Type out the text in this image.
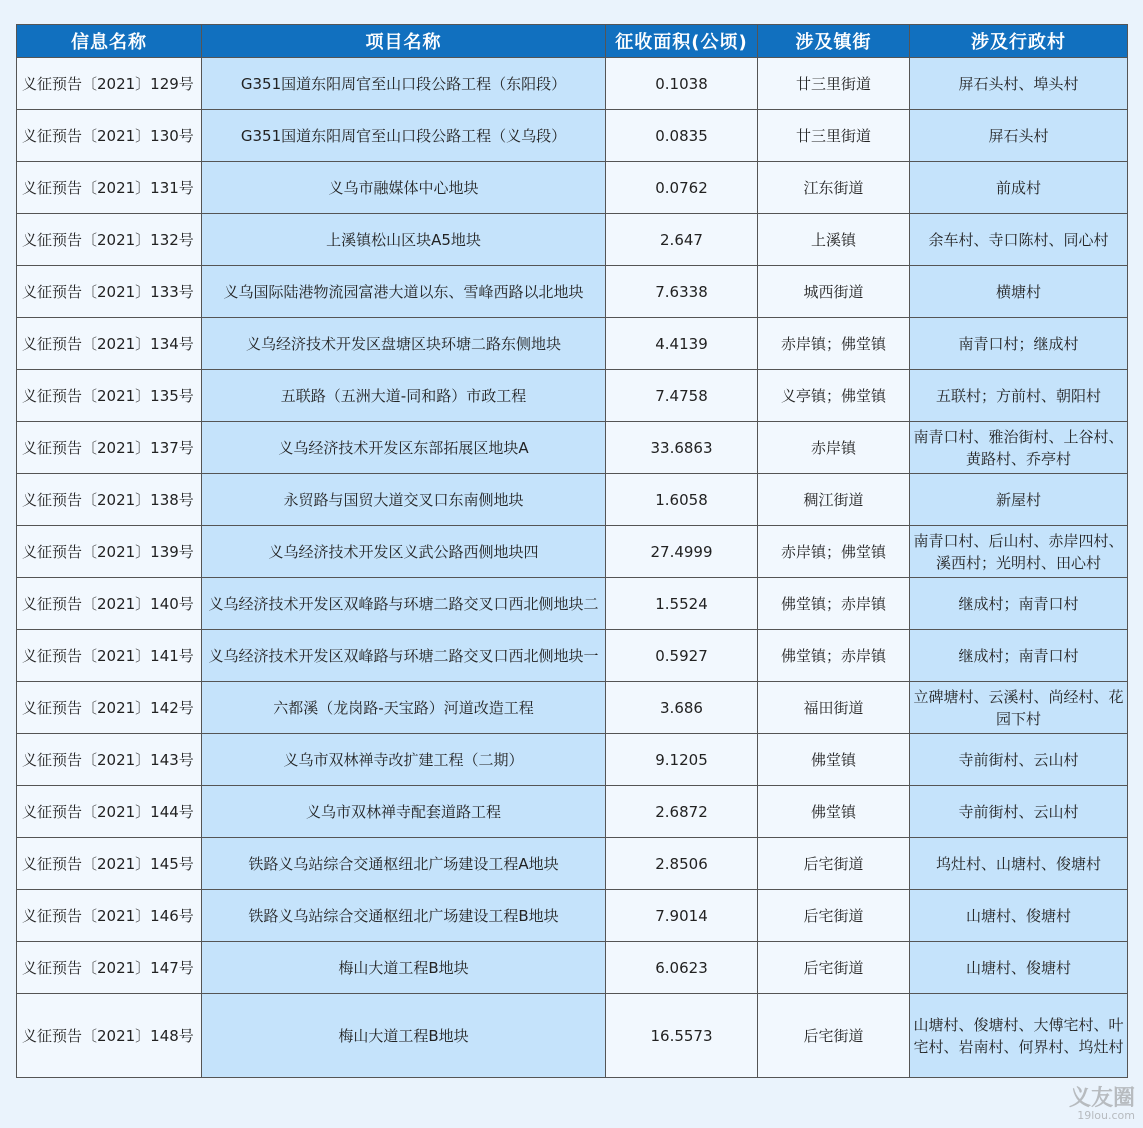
信息名称	项目名称	征收面积(公顷)	涉及镇街	涉及行政村
义征预告〔2021〕129号	G351国道东阳周官至山口段公路工程（东阳段）	0.1038	廿三里街道	屏石头村、埠头村
义征预告〔2021〕130号	G351国道东阳周官至山口段公路工程（义乌段）	0.0835	廿三里街道	屏石头村
义征预告〔2021〕131号	义乌市融媒体中心地块	0.0762	江东街道	前成村
义征预告〔2021〕132号	上溪镇松山区块A5地块	2.647	上溪镇	余车村、寺口陈村、同心村
义征预告〔2021〕133号	义乌国际陆港物流园富港大道以东、雪峰西路以北地块	7.6338	城西街道	横塘村
义征预告〔2021〕134号	义乌经济技术开发区盘塘区块环塘二路东侧地块	4.4139	赤岸镇；佛堂镇	南青口村；继成村
义征预告〔2021〕135号	五联路（五洲大道-同和路）市政工程	7.4758	义亭镇；佛堂镇	五联村；方前村、朝阳村
义征预告〔2021〕137号	义乌经济技术开发区东部拓展区地块A	33.6863	赤岸镇	南青口村、雅治街村、上谷村、黄路村、乔亭村
义征预告〔2021〕138号	永贸路与国贸大道交叉口东南侧地块	1.6058	稠江街道	新屋村
义征预告〔2021〕139号	义乌经济技术开发区义武公路西侧地块四	27.4999	赤岸镇；佛堂镇	南青口村、后山村、赤岸四村、溪西村；光明村、田心村
义征预告〔2021〕140号	义乌经济技术开发区双峰路与环塘二路交叉口西北侧地块二	1.5524	佛堂镇；赤岸镇	继成村；南青口村
义征预告〔2021〕141号	义乌经济技术开发区双峰路与环塘二路交叉口西北侧地块一	0.5927	佛堂镇；赤岸镇	继成村；南青口村
义征预告〔2021〕142号	六都溪（龙岗路-天宝路）河道改造工程	3.686	福田街道	立碑塘村、云溪村、尚经村、花园下村
义征预告〔2021〕143号	义乌市双林禅寺改扩建工程（二期）	9.1205	佛堂镇	寺前街村、云山村
义征预告〔2021〕144号	义乌市双林禅寺配套道路工程	2.6872	佛堂镇	寺前街村、云山村
义征预告〔2021〕145号	铁路义乌站综合交通枢纽北广场建设工程A地块	2.8506	后宅街道	坞灶村、山塘村、俊塘村
义征预告〔2021〕146号	铁路义乌站综合交通枢纽北广场建设工程B地块	7.9014	后宅街道	山塘村、俊塘村
义征预告〔2021〕147号	梅山大道工程B地块	6.0623	后宅街道	山塘村、俊塘村
义征预告〔2021〕148号	梅山大道工程B地块	16.5573	后宅街道	山塘村、俊塘村、大傅宅村、叶宅村、岩南村、何界村、坞灶村
义友圈
19lou.com
